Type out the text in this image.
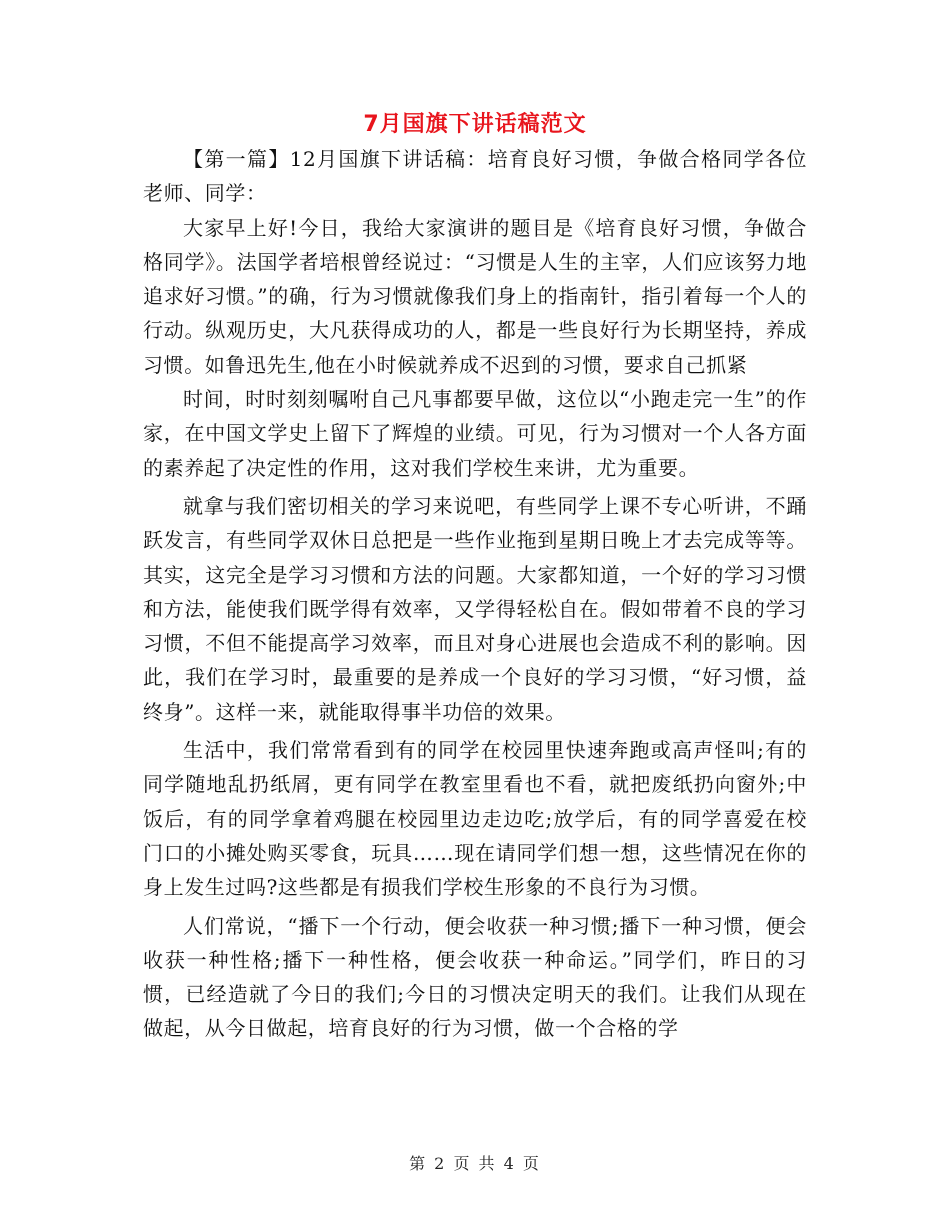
7月国旗下讲话稿范文

【第一篇】12月国旗下讲话稿：培育良好习惯，争做合格同学各位老师、同学：

大家早上好!今日，我给大家演讲的题目是《培育良好习惯，争做合格同学》。法国学者培根曾经说过：“习惯是人生的主宰，人们应该努力地追求好习惯。”的确，行为习惯就像我们身上的指南针，指引着每一个人的行动。纵观历史，大凡获得成功的人，都是一些良好行为长期坚持，养成习惯。如鲁迅先生,他在小时候就养成不迟到的习惯，要求自己抓紧

时间，时时刻刻嘱咐自己凡事都要早做，这位以“小跑走完一生”的作家，在中国文学史上留下了辉煌的业绩。可见，行为习惯对一个人各方面的素养起了决定性的作用，这对我们学校生来讲，尤为重要。

就拿与我们密切相关的学习来说吧，有些同学上课不专心听讲，不踊跃发言，有些同学双休日总把是一些作业拖到星期日晚上才去完成等等。其实，这完全是学习习惯和方法的问题。大家都知道，一个好的学习习惯和方法，能使我们既学得有效率，又学得轻松自在。假如带着不良的学习习惯，不但不能提高学习效率，而且对身心进展也会造成不利的影响。因此，我们在学习时，最重要的是养成一个良好的学习习惯，“好习惯，益终身”。这样一来，就能取得事半功倍的效果。

生活中，我们常常看到有的同学在校园里快速奔跑或高声怪叫;有的同学随地乱扔纸屑，更有同学在教室里看也不看，就把废纸扔向窗外;中饭后，有的同学拿着鸡腿在校园里边走边吃;放学后，有的同学喜爱在校门口的小摊处购买零食，玩具……现在请同学们想一想，这些情况在你的身上发生过吗?这些都是有损我们学校生形象的不良行为习惯。

人们常说，“播下一个行动，便会收获一种习惯;播下一种习惯，便会收获一种性格;播下一种性格，便会收获一种命运。”同学们，昨日的习惯，已经造就了今日的我们;今日的习惯决定明天的我们。让我们从现在做起，从今日做起，培育良好的行为习惯，做一个合格的学

第 2 页 共 4 页
